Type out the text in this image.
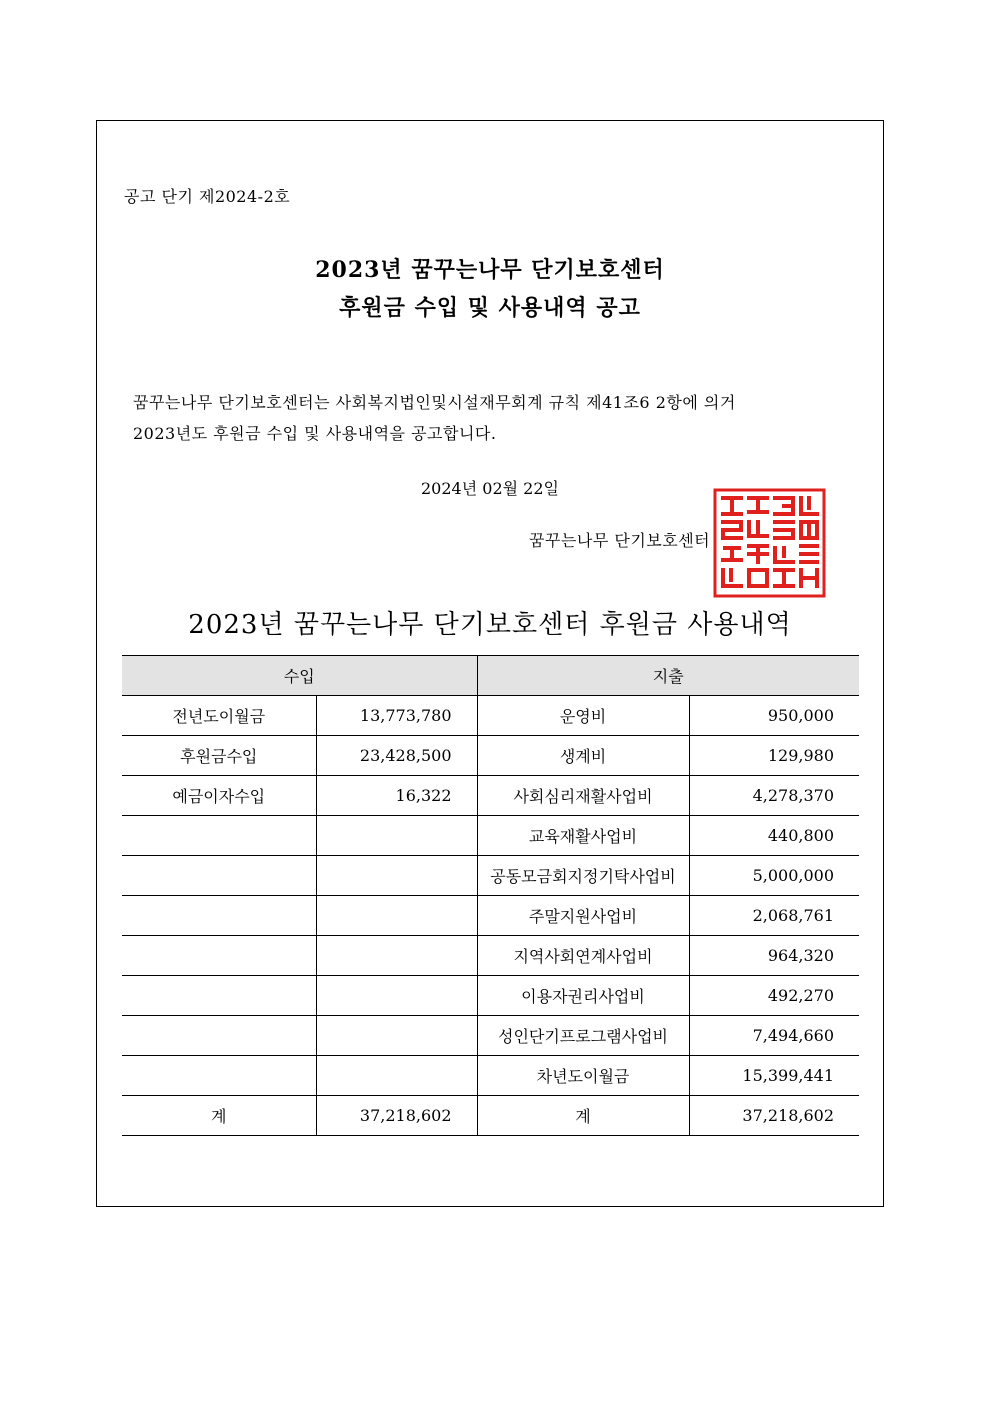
공고 단기 제2024-2호
2023년 꿈꾸는나무 단기보호센터
후원금 수입 및 사용내역 공고
꿈꾸는나무 단기보호센터는 사회복지법인및시설재무회계 규칙 제41조6 2항에 의거
2023년도 후원금 수입 및 사용내역을 공고합니다.
2024년 02월 22일
꿈꾸는나무 단기보호센터
2023년 꿈꾸는나무 단기보호센터 후원금 사용내역
수입		지출	
전년도이월금	13,773,780	운영비	950,000
후원금수입	23,428,500	생계비	129,980
예금이자수입	16,322	사회심리재활사업비	4,278,370
		교육재활사업비	440,800
		공동모금회지정기탁사업비	5,000,000
		주말지원사업비	2,068,761
		지역사회연계사업비	964,320
		이용자권리사업비	492,270
		성인단기프로그램사업비	7,494,660
		차년도이월금	15,399,441
계	37,218,602	계	37,218,602
